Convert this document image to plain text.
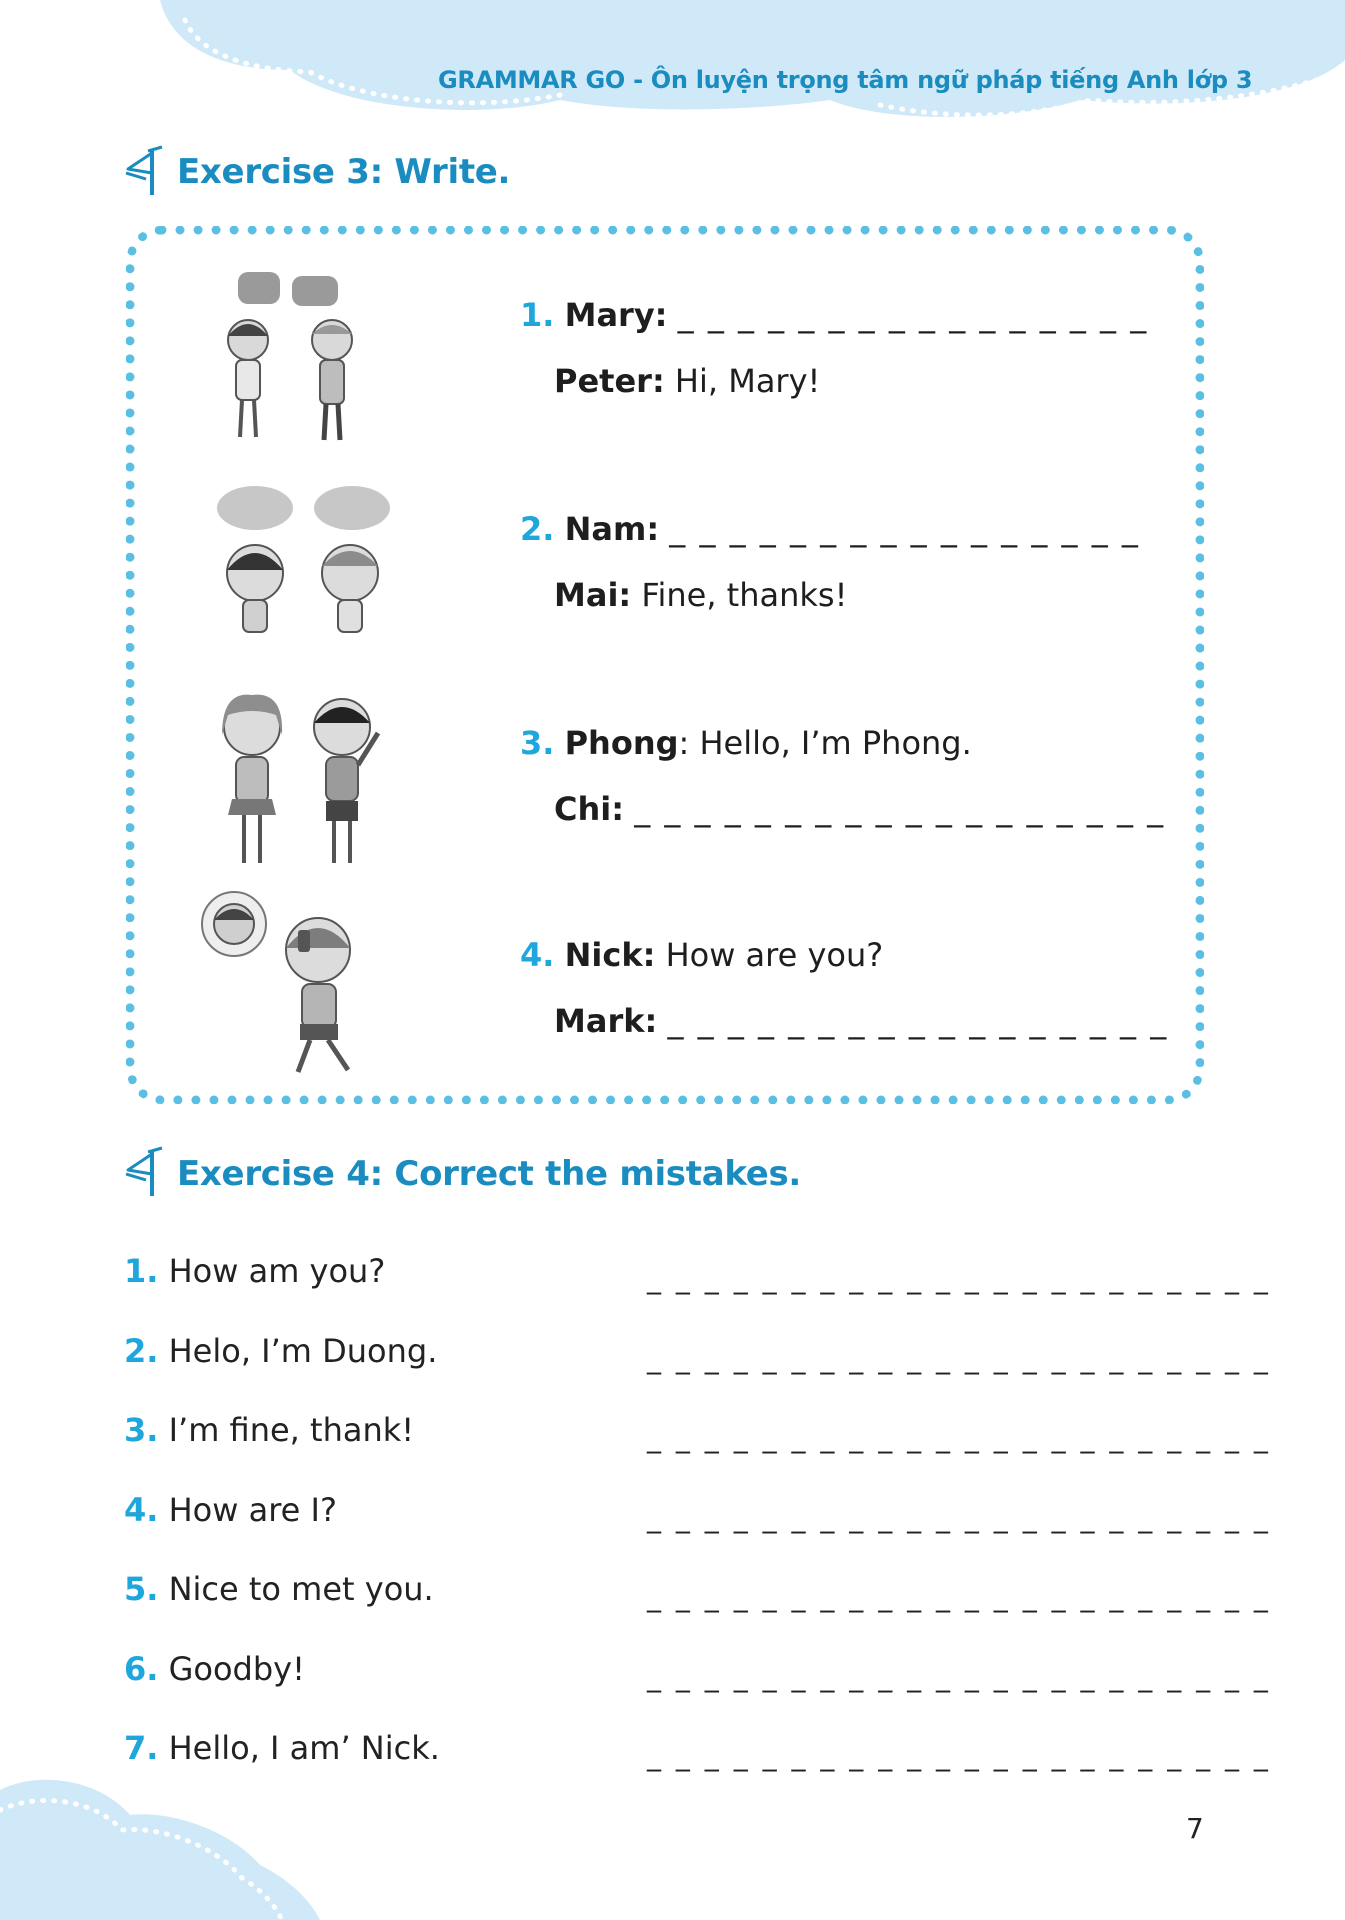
GRAMMAR GO - Ôn luyện trọng tâm ngữ pháp tiếng Anh lớp 3
Exercise 3: Write.
1. Mary: _ _ _ _ _ _ _ _ _ _ _ _ _ _ _ _
Peter: Hi, Mary!
2. Nam: _ _ _ _ _ _ _ _ _ _ _ _ _ _ _ _
Mai: Fine, thanks!
3. Phong: Hello, I’m Phong.
Chi: _ _ _ _ _ _ _ _ _ _ _ _ _ _ _ _ _ _
4. Nick: How are you?
Mark: _ _ _ _ _ _ _ _ _ _ _ _ _ _ _ _ _
Exercise 4: Correct the mistakes.
1. How am you?	_ _ _ _ _ _ _ _ _ _ _ _ _ _ _ _ _ _ _ _ _ _
2. Helo, I’m Duong.	_ _ _ _ _ _ _ _ _ _ _ _ _ _ _ _ _ _ _ _ _ _
3. I’m fine, thank!	_ _ _ _ _ _ _ _ _ _ _ _ _ _ _ _ _ _ _ _ _ _
4. How are I?	_ _ _ _ _ _ _ _ _ _ _ _ _ _ _ _ _ _ _ _ _ _
5. Nice to met you.	_ _ _ _ _ _ _ _ _ _ _ _ _ _ _ _ _ _ _ _ _ _
6. Goodby!	_ _ _ _ _ _ _ _ _ _ _ _ _ _ _ _ _ _ _ _ _ _
7. Hello, I am’ Nick.	_ _ _ _ _ _ _ _ _ _ _ _ _ _ _ _ _ _ _ _ _ _
7
